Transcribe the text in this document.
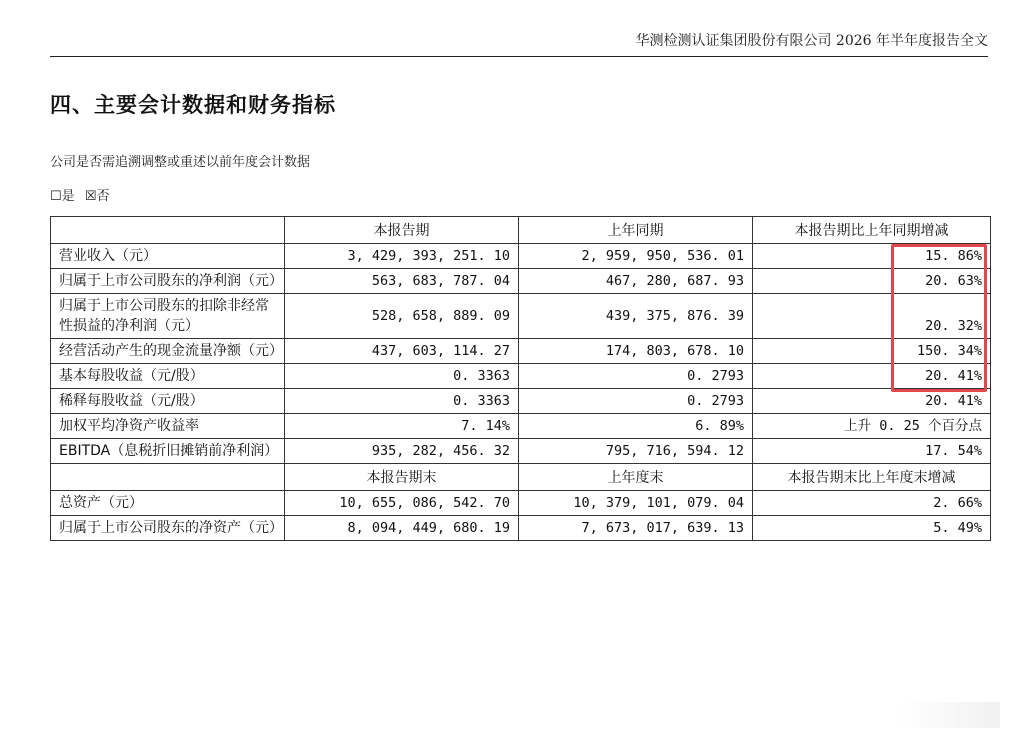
华测检测认证集团股份有限公司 2026 年半年度报告全文
四、主要会计数据和财务指标
公司是否需追溯调整或重述以前年度会计数据
☐是 ☒否
	本报告期	上年同期	本报告期比上年同期增减
营业收入（元）	3, 429, 393, 251. 10	2, 959, 950, 536. 01	15. 86%
归属于上市公司股东的净利润（元）	563, 683, 787. 04	467, 280, 687. 93	20. 63%
归属于上市公司股东的扣除非经常性损益的净利润（元）	528, 658, 889. 09	439, 375, 876. 39	20. 32%
经营活动产生的现金流量净额（元）	437, 603, 114. 27	174, 803, 678. 10	150. 34%
基本每股收益（元/股）	0. 3363	0. 2793	20. 41%
稀释每股收益（元/股）	0. 3363	0. 2793	20. 41%
加权平均净资产收益率	7. 14%	6. 89%	上升 0. 25 个百分点
EBITDA（息税折旧摊销前净利润）	935, 282, 456. 32	795, 716, 594. 12	17. 54%
	本报告期末	上年度末	本报告期末比上年度末增减
总资产（元）	10, 655, 086, 542. 70	10, 379, 101, 079. 04	2. 66%
归属于上市公司股东的净资产（元）	8, 094, 449, 680. 19	7, 673, 017, 639. 13	5. 49%
